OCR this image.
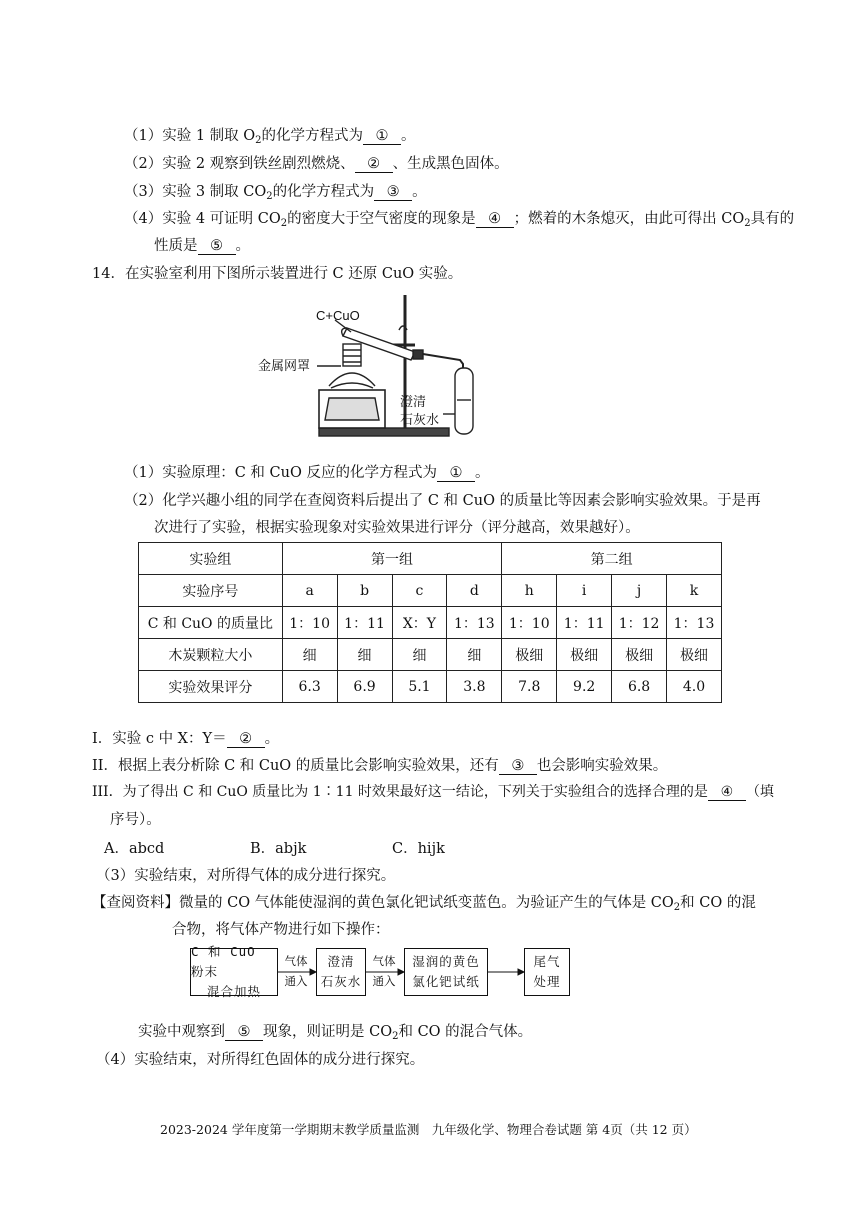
（1）实验 1 制取 $O_2$的化学方程式为 ① 。
（2）实验 2 观察到铁丝剧烈燃烧、 ② 、生成黑色固体。
（3）实验 3 制取 $CO_2$的化学方程式为 ③ 。
（4）实验 4 可证明 $CO_2$的密度大于空气密度的现象是 ④ ；燃着的木条熄灭，由此可得出 $CO_2$具有的
性质是 ⑤ 。
14．在实验室利用下图所示装置进行 C 还原 CuO 实验。
C+CuO
金属网罩
澄清
石灰水
（1）实验原理：C 和 CuO 反应的化学方程式为 ① 。
（2）化学兴趣小组的同学在查阅资料后提出了 C 和 CuO 的质量比等因素会影响实验效果。于是再
次进行了实验，根据实验现象对实验效果进行评分（评分越高，效果越好）。
实验组	第一组				第二组			
实验序号	a	b	c	d	h	i	j	k
C 和 CuO 的质量比	1：10	1：11	X：Y	1：13	1：10	1：11	1：12	1：13
木炭颗粒大小	细	细	细	细	极细	极细	极细	极细
实验效果评分	6.3	6.9	5.1	3.8	7.8	9.2	6.8	4.0
I．实验 c 中 X：Y＝ ② 。
II．根据上表分析除 C 和 CuO 的质量比会影响实验效果，还有 ③ 也会影响实验效果。
III．为了得出 C 和 CuO 质量比为 1∶11 时效果最好这一结论，下列关于实验组合的选择合理的是 ④ （填
序号）。
A．abcd	B．abjk	C．hijk
（3）实验结束，对所得气体的成分进行探究。
【查阅资料】微量的 CO 气体能使湿润的黄色氯化钯试纸变蓝色。为验证产生的气体是 $CO_2$和 CO 的混
合物，将气体产物进行如下操作：
C 和 CuO 粉末
混合加热
气体
通入
澄清
石灰水
气体
通入
湿润的黄色
氯化钯试纸
尾气
处理
实验中观察到 ⑤ 现象，则证明是 $CO_2$和 CO 的混合气体。
（4）实验结束，对所得红色固体的成分进行探究。
2023-2024 学年度第一学期期末教学质量监测　九年级化学、物理合卷试题 第 4页（共 12 页）
